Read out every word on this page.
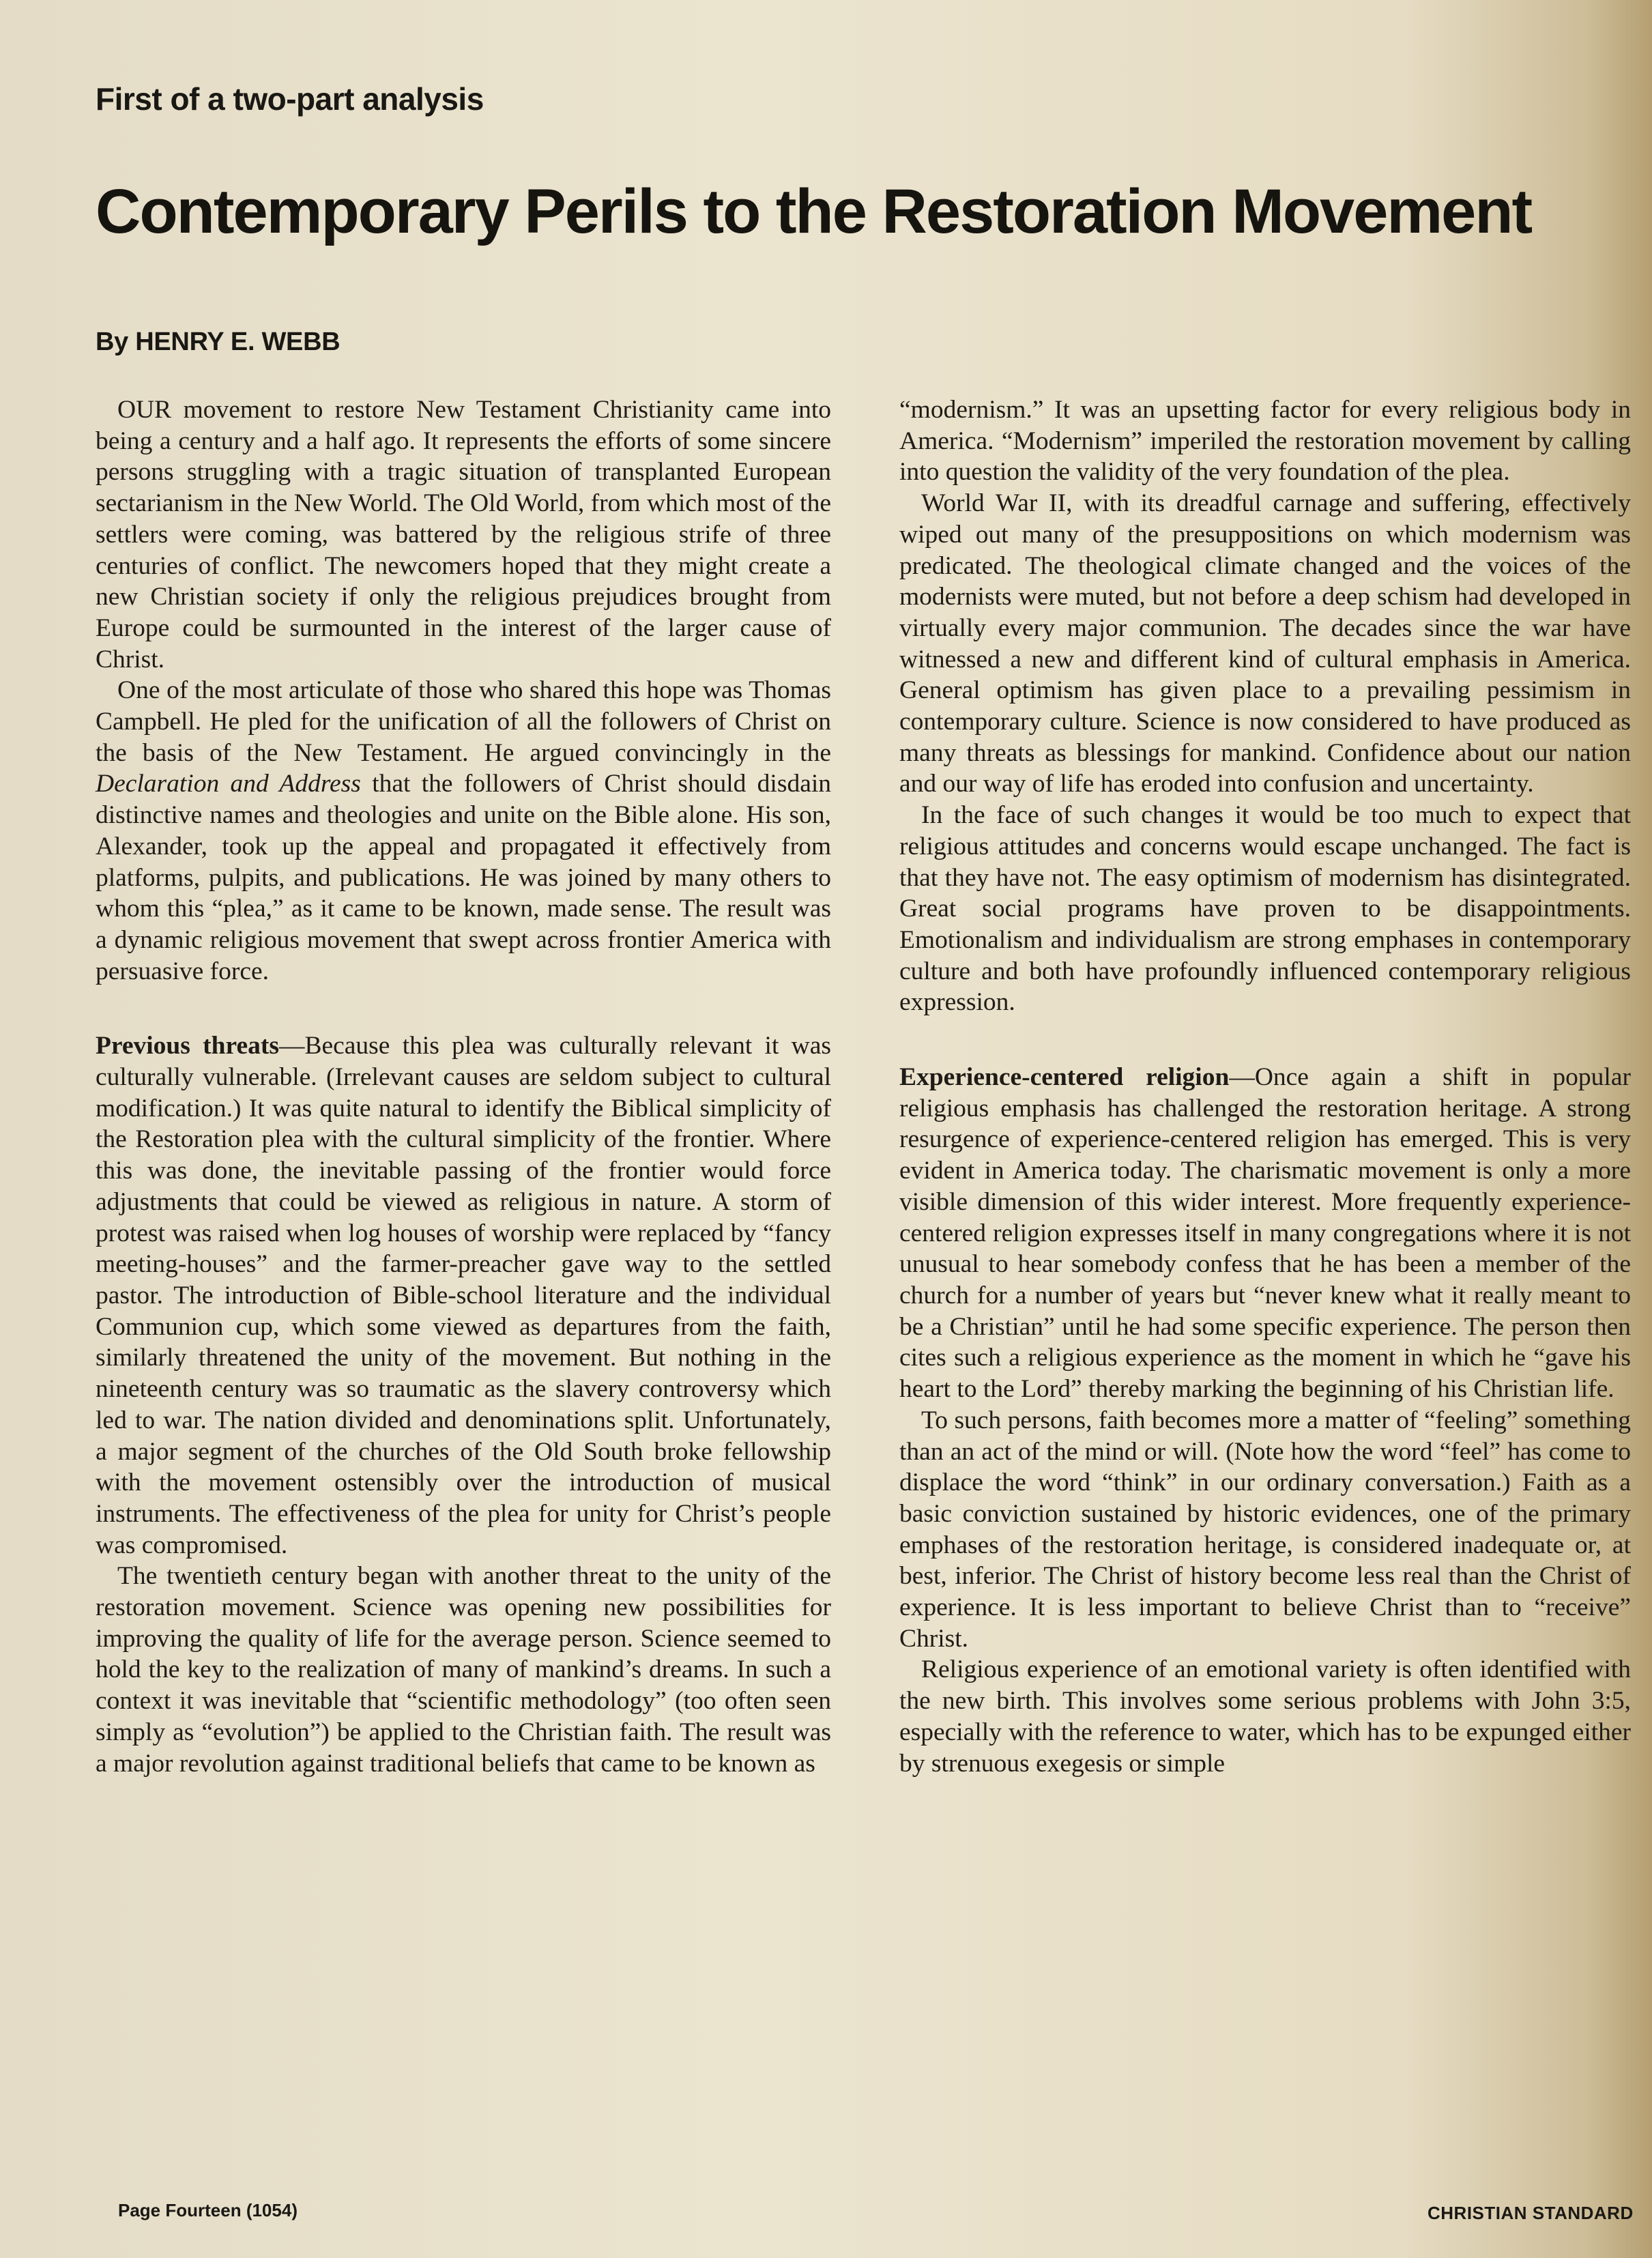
First of a two-part analysis
Contemporary Perils to the Restoration Movement
By HENRY E. WEBB

OUR movement to restore New Testament Christianity came into being a century and a half ago. It represents the efforts of some sincere persons struggling with a tragic situation of transplanted European sectarianism in the New World. The Old World, from which most of the settlers were coming, was battered by the religious strife of three centuries of conflict. The newcomers hoped that they might create a new Christian society if only the religious prejudices brought from Europe could be surmounted in the interest of the larger cause of Christ.

One of the most articulate of those who shared this hope was Thomas Campbell. He pled for the unification of all the followers of Christ on the basis of the New Testament. He argued convincingly in the Declaration and Address that the followers of Christ should disdain distinctive names and theologies and unite on the Bible alone. His son, Alexander, took up the appeal and propagated it effectively from platforms, pulpits, and publications. He was joined by many others to whom this “plea,” as it came to be known, made sense. The result was a dynamic religious movement that swept across frontier America with persuasive force.

Previous threats—Because this plea was culturally relevant it was culturally vulnerable. (Irrelevant causes are seldom subject to cultural modification.) It was quite natural to identify the Biblical simplicity of the Restoration plea with the cultural simplicity of the frontier. Where this was done, the inevitable passing of the frontier would force adjustments that could be viewed as religious in nature. A storm of protest was raised when log houses of worship were replaced by “fancy meeting-houses” and the farmer-preacher gave way to the settled pastor. The introduction of Bible-school literature and the individual Communion cup, which some viewed as departures from the faith, similarly threatened the unity of the movement. But nothing in the nineteenth century was so traumatic as the slavery controversy which led to war. The nation divided and denominations split. Unfortunately, a major segment of the churches of the Old South broke fellowship with the movement ostensibly over the introduction of musical instruments. The effectiveness of the plea for unity for Christ’s people was compromised.

The twentieth century began with another threat to the unity of the restoration movement. Science was opening new possibilities for improving the quality of life for the average person. Science seemed to hold the key to the realization of many of mankind’s dreams. In such a context it was inevitable that “scientific methodology” (too often seen simply as “evolution”) be applied to the Christian faith. The result was a major revolution against traditional beliefs that came to be known as

“modernism.” It was an upsetting factor for every religious body in America. “Modernism” imperiled the restoration movement by calling into question the validity of the very foundation of the plea.

World War II, with its dreadful carnage and suffering, effectively wiped out many of the presuppositions on which modernism was predicated. The theological climate changed and the voices of the modernists were muted, but not before a deep schism had developed in virtually every major communion. The decades since the war have witnessed a new and different kind of cultural emphasis in America. General optimism has given place to a prevailing pessimism in contemporary culture. Science is now considered to have produced as many threats as blessings for mankind. Confidence about our nation and our way of life has eroded into confusion and uncertainty.

In the face of such changes it would be too much to expect that religious attitudes and concerns would escape unchanged. The fact is that they have not. The easy optimism of modernism has disintegrated. Great social programs have proven to be disappointments. Emotionalism and individualism are strong emphases in contemporary culture and both have profoundly influenced contemporary religious expression.

Experience-centered religion—Once again a shift in popular religious emphasis has challenged the restoration heritage. A strong resurgence of experience-centered religion has emerged. This is very evident in America today. The charismatic movement is only a more visible dimension of this wider interest. More frequently experience-centered religion expresses itself in many congregations where it is not unusual to hear somebody confess that he has been a member of the church for a number of years but “never knew what it really meant to be a Christian” until he had some specific experience. The person then cites such a religious experience as the moment in which he “gave his heart to the Lord” thereby marking the beginning of his Christian life.

To such persons, faith becomes more a matter of “feeling” something than an act of the mind or will. (Note how the word “feel” has come to displace the word “think” in our ordinary conversation.) Faith as a basic conviction sustained by historic evidences, one of the primary emphases of the restoration heritage, is considered inadequate or, at best, inferior. The Christ of history become less real than the Christ of experience. It is less important to believe Christ than to “receive” Christ.

Religious experience of an emotional variety is often identified with the new birth. This involves some serious problems with John 3:5, especially with the reference to water, which has to be expunged either by strenuous exegesis or simple

Page Fourteen (1054)	CHRISTIAN STANDARD
